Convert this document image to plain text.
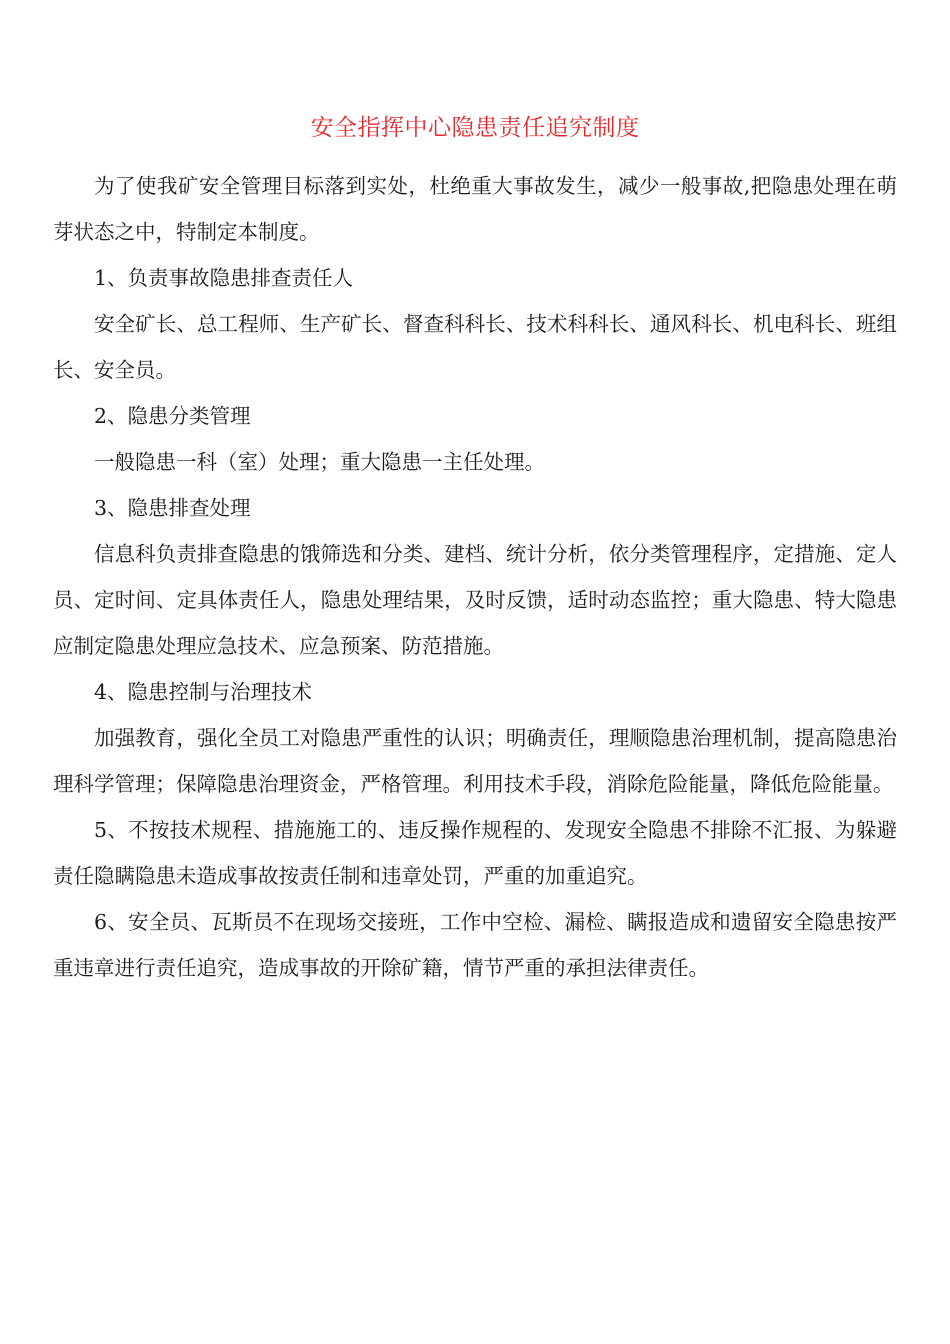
安全指挥中心隐患责任追究制度

为了使我矿安全管理目标落到实处，杜绝重大事故发生，减少一般事故,把隐患处理在萌芽状态之中，特制定本制度。

1、负责事故隐患排查责任人

安全矿长、总工程师、生产矿长、督查科科长、技术科科长、通风科长、机电科长、班组长、安全员。

2、隐患分类管理

一般隐患一科（室）处理；重大隐患一主任处理。

3、隐患排查处理

信息科负责排查隐患的饿筛选和分类、建档、统计分析，依分类管理程序，定措施、定人员、定时间、定具体责任人，隐患处理结果，及时反馈，适时动态监控；重大隐患、特大隐患应制定隐患处理应急技术、应急预案、防范措施。

4、隐患控制与治理技术

加强教育，强化全员工对隐患严重性的认识；明确责任，理顺隐患治理机制，提高隐患治理科学管理；保障隐患治理资金，严格管理。利用技术手段，消除危险能量，降低危险能量。

5、不按技术规程、措施施工的、违反操作规程的、发现安全隐患不排除不汇报、为躲避责任隐瞒隐患未造成事故按责任制和违章处罚，严重的加重追究。

6、安全员、瓦斯员不在现场交接班，工作中空检、漏检、瞒报造成和遗留安全隐患按严重违章进行责任追究，造成事故的开除矿籍，情节严重的承担法律责任。
